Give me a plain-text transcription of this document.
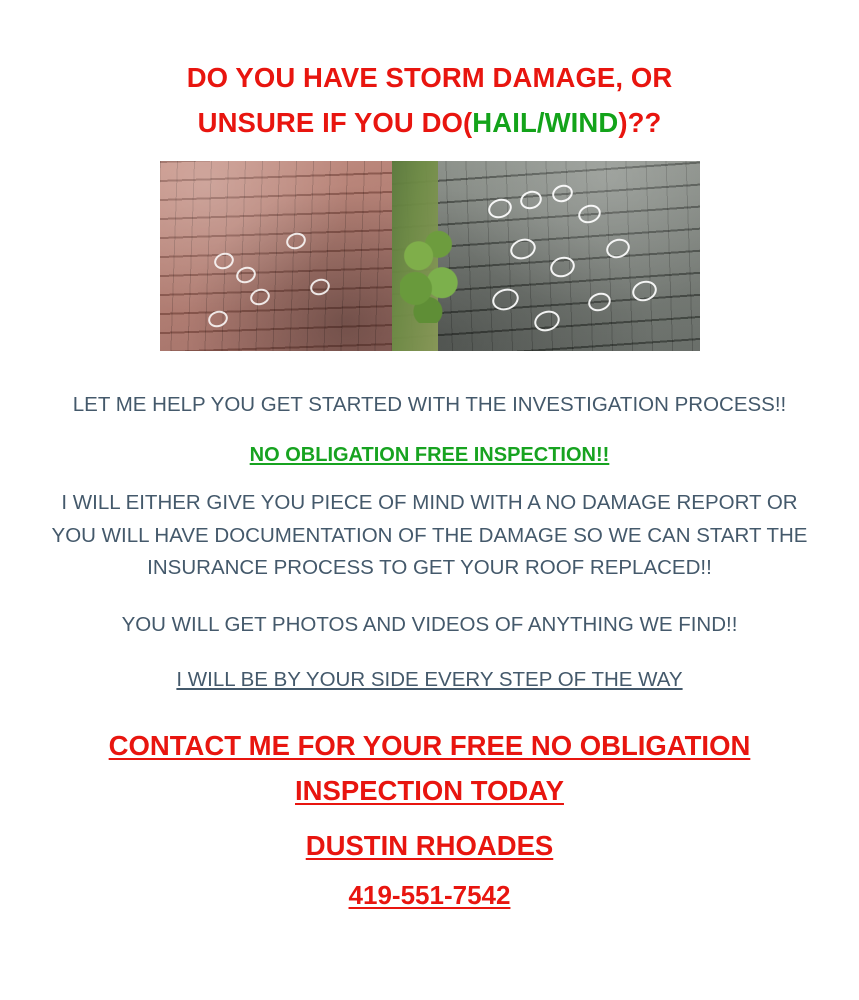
DO YOU HAVE STORM DAMAGE, OR
UNSURE IF YOU DO(HAIL/WIND)??

LET ME HELP YOU GET STARTED WITH THE INVESTIGATION PROCESS!!

NO OBLIGATION FREE INSPECTION!!

I WILL EITHER GIVE YOU PIECE OF MIND WITH A NO DAMAGE REPORT OR YOU WILL HAVE DOCUMENTATION OF THE DAMAGE SO WE CAN START THE INSURANCE PROCESS TO GET YOUR ROOF REPLACED!!

YOU WILL GET PHOTOS AND VIDEOS OF ANYTHING WE FIND!!

I WILL BE BY YOUR SIDE EVERY STEP OF THE WAY

CONTACT ME FOR YOUR FREE NO OBLIGATION INSPECTION TODAY

DUSTIN RHOADES

419-551-7542
